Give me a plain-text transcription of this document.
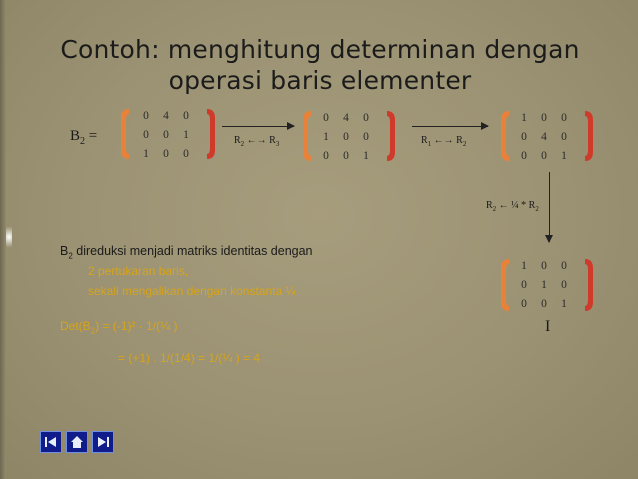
Contoh: menghitung determinan dengan
operasi baris elementer
$B_2$ =
0	4	0
0	0	1
1	0	0
$R_2$ ←→ $R_3$
0	4	0
1	0	0
0	0	1
$R_1$ ←→ $R_2$
1	0	0
0	4	0
0	0	1
$R_2$ ← ¼ * $R_2$
1	0	0
0	1	0
0	0	1
I
$B_2$ direduksi menjadi matriks identitas dengan
2 pertukaran baris,
sekali mengalikan dengan konstanta ¼
$Det(B_2) = (-1)^2$ · 1/(¼ )
= (+1) . 1/(1/4) = 1/(¼ ) = 4
